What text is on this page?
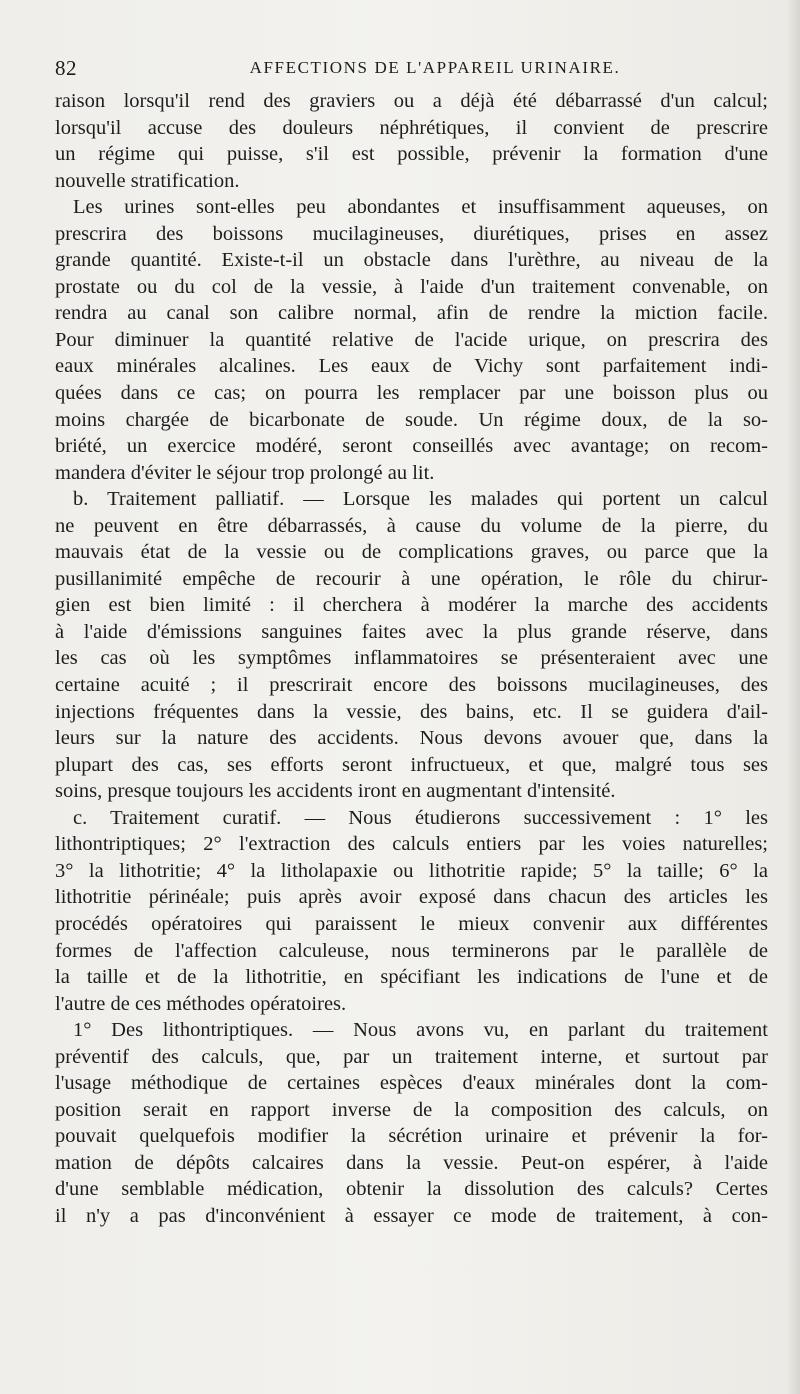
82	AFFECTIONS DE L'APPAREIL URINAIRE.
raison lorsqu'il rend des graviers ou a déjà été débarrassé d'un calcul;
lorsqu'il accuse des douleurs néphrétiques, il convient de prescrire
un régime qui puisse, s'il est possible, prévenir la formation d'une
nouvelle stratification.
Les urines sont-elles peu abondantes et insuffisamment aqueuses, on
prescrira des boissons mucilagineuses, diurétiques, prises en assez
grande quantité. Existe-t-il un obstacle dans l'urèthre, au niveau de la
prostate ou du col de la vessie, à l'aide d'un traitement convenable, on
rendra au canal son calibre normal, afin de rendre la miction facile.
Pour diminuer la quantité relative de l'acide urique, on prescrira des
eaux minérales alcalines. Les eaux de Vichy sont parfaitement indi-
quées dans ce cas; on pourra les remplacer par une boisson plus ou
moins chargée de bicarbonate de soude. Un régime doux, de la so-
briété, un exercice modéré, seront conseillés avec avantage; on recom-
mandera d'éviter le séjour trop prolongé au lit.
b. Traitement palliatif. — Lorsque les malades qui portent un calcul
ne peuvent en être débarrassés, à cause du volume de la pierre, du
mauvais état de la vessie ou de complications graves, ou parce que la
pusillanimité empêche de recourir à une opération, le rôle du chirur-
gien est bien limité : il cherchera à modérer la marche des accidents
à l'aide d'émissions sanguines faites avec la plus grande réserve, dans
les cas où les symptômes inflammatoires se présenteraient avec une
certaine acuité ; il prescrirait encore des boissons mucilagineuses, des
injections fréquentes dans la vessie, des bains, etc. Il se guidera d'ail-
leurs sur la nature des accidents. Nous devons avouer que, dans la
plupart des cas, ses efforts seront infructueux, et que, malgré tous ses
soins, presque toujours les accidents iront en augmentant d'intensité.
c. Traitement curatif. — Nous étudierons successivement : 1° les
lithontriptiques; 2° l'extraction des calculs entiers par les voies naturelles;
3° la lithotritie; 4° la litholapaxie ou lithotritie rapide; 5° la taille; 6° la
lithotritie périnéale; puis après avoir exposé dans chacun des articles les
procédés opératoires qui paraissent le mieux convenir aux différentes
formes de l'affection calculeuse, nous terminerons par le parallèle de
la taille et de la lithotritie, en spécifiant les indications de l'une et de
l'autre de ces méthodes opératoires.
1° Des lithontriptiques. — Nous avons vu, en parlant du traitement
préventif des calculs, que, par un traitement interne, et surtout par
l'usage méthodique de certaines espèces d'eaux minérales dont la com-
position serait en rapport inverse de la composition des calculs, on
pouvait quelquefois modifier la sécrétion urinaire et prévenir la for-
mation de dépôts calcaires dans la vessie. Peut-on espérer, à l'aide
d'une semblable médication, obtenir la dissolution des calculs? Certes
il n'y a pas d'inconvénient à essayer ce mode de traitement, à con-
